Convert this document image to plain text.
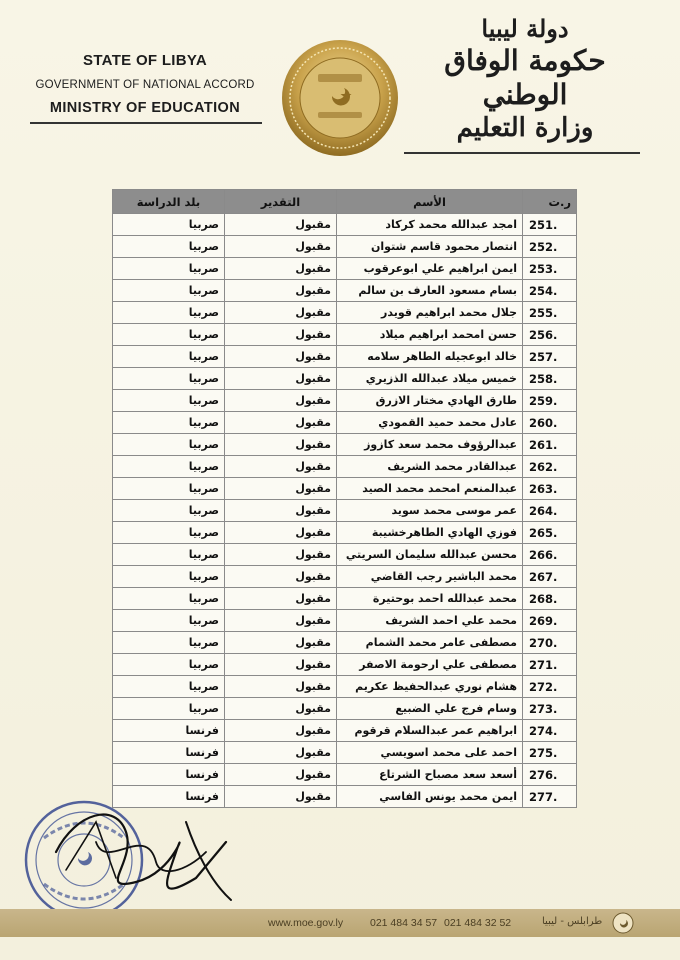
STATE OF LIBYA
GOVERNMENT OF NATIONAL ACCORD
MINISTRY OF EDUCATION
دولة ليبيا
حكومة الوفاق الوطني
وزارة التعليم
ر.ت	الأسم	التقدير	بلد الدراسة
251.	امجد عبدالله محمد كركاد	مقبول	صربيا
252.	انتصار محمود قاسم شتوان	مقبول	صربيا
253.	ايمن ابراهيم علي ابوعرقوب	مقبول	صربيا
254.	بسام مسعود العارف بن سالم	مقبول	صربيا
255.	جلال محمد ابراهيم قويدر	مقبول	صربيا
256.	حسن امحمد ابراهيم ميلاد	مقبول	صربيا
257.	خالد ابوعجيله الطاهر سلامه	مقبول	صربيا
258.	خميس ميلاد عبدالله الذزيري	مقبول	صربيا
259.	طارق الهادي مختار الازرق	مقبول	صربيا
260.	عادل محمد حميد القمودي	مقبول	صربيا
261.	عبدالرؤوف محمد سعد كازوز	مقبول	صربيا
262.	عبدالقادر محمد الشريف	مقبول	صربيا
263.	عبدالمنعم امحمد محمد الصيد	مقبول	صربيا
264.	عمر موسى محمد سويد	مقبول	صربيا
265.	فوزي الهادي الطاهرخشيبة	مقبول	صربيا
266.	محسن عبدالله سليمان السريتي	مقبول	صربيا
267.	محمد الباشير رجب القاضي	مقبول	صربيا
268.	محمد عبدالله احمد بوحتيرة	مقبول	صربيا
269.	محمد علي احمد الشريف	مقبول	صربيا
270.	مصطفى عامر محمد الشمام	مقبول	صربيا
271.	مصطفى علي ارحومة الاصفر	مقبول	صربيا
272.	هشام نوري عبدالحفيظ عكريم	مقبول	صربيا
273.	وسام فرج علي الضبيع	مقبول	صربيا
274.	ابراهيم عمر عبدالسلام قرقوم	مقبول	فرنسا
275.	احمد على محمد اسويسي	مقبول	فرنسا
276.	أسعد سعد مصباح الشرتاع	مقبول	فرنسا
277.	ايمن محمد يونس الفاسي	مقبول	فرنسا
www.moe.gov.ly	021 484 34 57 021 484 32 52	طرابلس - ليبيا
